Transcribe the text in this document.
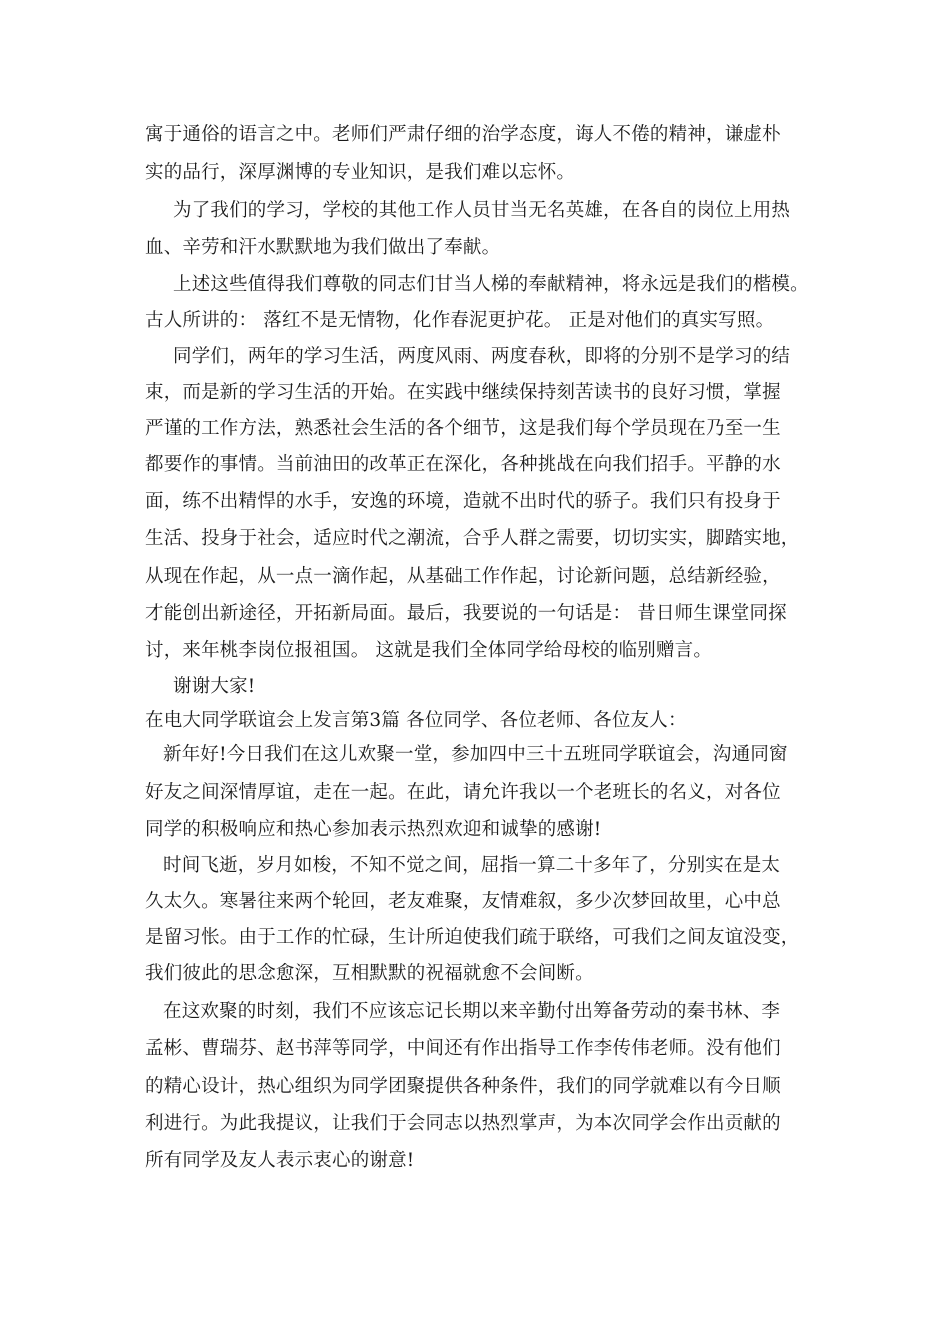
寓于通俗的语言之中。老师们严肃仔细的治学态度，诲人不倦的精神，谦虚朴
实的品行，深厚渊博的专业知识，是我们难以忘怀。
为了我们的学习，学校的其他工作人员甘当无名英雄，在各自的岗位上用热
血、辛劳和汗水默默地为我们做出了奉献。
上述这些值得我们尊敬的同志们甘当人梯的奉献精神，将永远是我们的楷模。
古人所讲的： 落红不是无情物，化作春泥更护花。 正是对他们的真实写照。
同学们，两年的学习生活，两度风雨、两度春秋，即将的分别不是学习的结
束，而是新的学习生活的开始。在实践中继续保持刻苦读书的良好习惯，掌握
严谨的工作方法，熟悉社会生活的各个细节，这是我们每个学员现在乃至一生
都要作的事情。当前油田的改革正在深化，各种挑战在向我们招手。平静的水
面，练不出精悍的水手，安逸的环境，造就不出时代的骄子。我们只有投身于
生活、投身于社会，适应时代之潮流，合乎人群之需要，切切实实，脚踏实地，
从现在作起，从一点一滴作起，从基础工作作起，讨论新问题，总结新经验，
才能创出新途径，开拓新局面。最后，我要说的一句话是： 昔日师生课堂同探
讨，来年桃李岗位报祖国。 这就是我们全体同学给母校的临别赠言。
谢谢大家!
在电大同学联谊会上发言第3篇 各位同学、各位老师、各位友人：
新年好!今日我们在这儿欢聚一堂，参加四中三十五班同学联谊会，沟通同窗
好友之间深情厚谊，走在一起。在此，请允许我以一个老班长的名义，对各位
同学的积极响应和热心参加表示热烈欢迎和诚挚的感谢!
时间飞逝，岁月如梭，不知不觉之间，屈指一算二十多年了，分别实在是太
久太久。寒暑往来两个轮回，老友难聚，友情难叙，多少次梦回故里，心中总
是留习怅。由于工作的忙碌，生计所迫使我们疏于联络，可我们之间友谊没变，
我们彼此的思念愈深，互相默默的祝福就愈不会间断。
在这欢聚的时刻，我们不应该忘记长期以来辛勤付出筹备劳动的秦书林、李
孟彬、曹瑞芬、赵书萍等同学，中间还有作出指导工作李传伟老师。没有他们
的精心设计，热心组织为同学团聚提供各种条件，我们的同学就难以有今日顺
利进行。为此我提议，让我们于会同志以热烈掌声，为本次同学会作出贡献的
所有同学及友人表示衷心的谢意!
